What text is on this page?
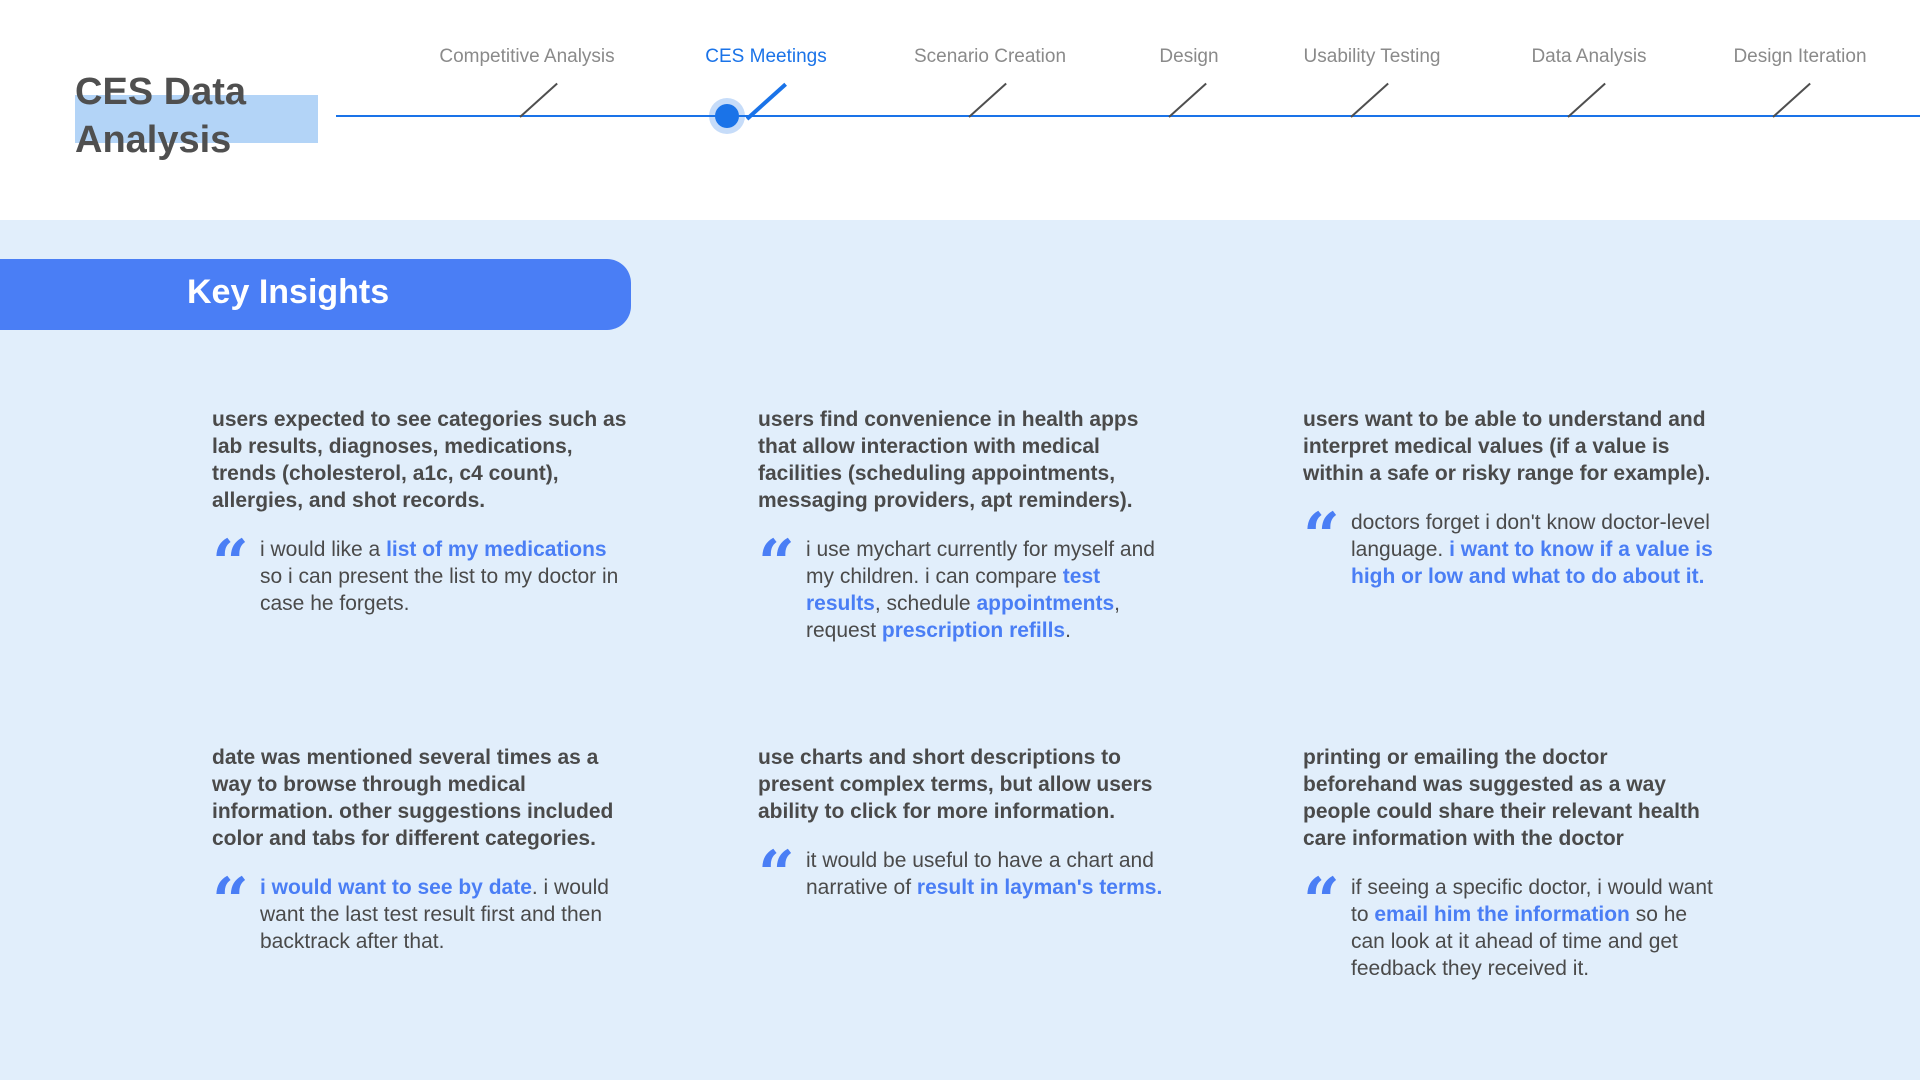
CES Data
Analysis
Competitive Analysis	CES Meetings	Scenario Creation	Design	Usability Testing	Data Analysis	Design Iteration
Key Insights
users expected to see categories such as lab results, diagnoses, medications, trends (cholesterol, a1c, c4 count), allergies, and shot records.
“ i would like a list of my medications so i can present the list to my doctor in case he forgets.
users find convenience in health apps that allow interaction with medical facilities (scheduling appointments, messaging providers, apt reminders).
“ i use mychart currently for myself and my children. i can compare test results, schedule appointments, request prescription refills.
users want to be able to understand and interpret medical values (if a value is within a safe or risky range for example).
“ doctors forget i don't know doctor-level language. i want to know if a value is high or low and what to do about it.
date was mentioned several times as a way to browse through medical information. other suggestions included color and tabs for different categories.
“ i would want to see by date. i would want the last test result first and then backtrack after that.
use charts and short descriptions to present complex terms, but allow users ability to click for more information.
“ it would be useful to have a chart and narrative of result in layman's terms.
printing or emailing the doctor beforehand was suggested as a way people could share their relevant health care information with the doctor
“ if seeing a specific doctor, i would want to email him the information so he can look at it ahead of time and get feedback they received it.
